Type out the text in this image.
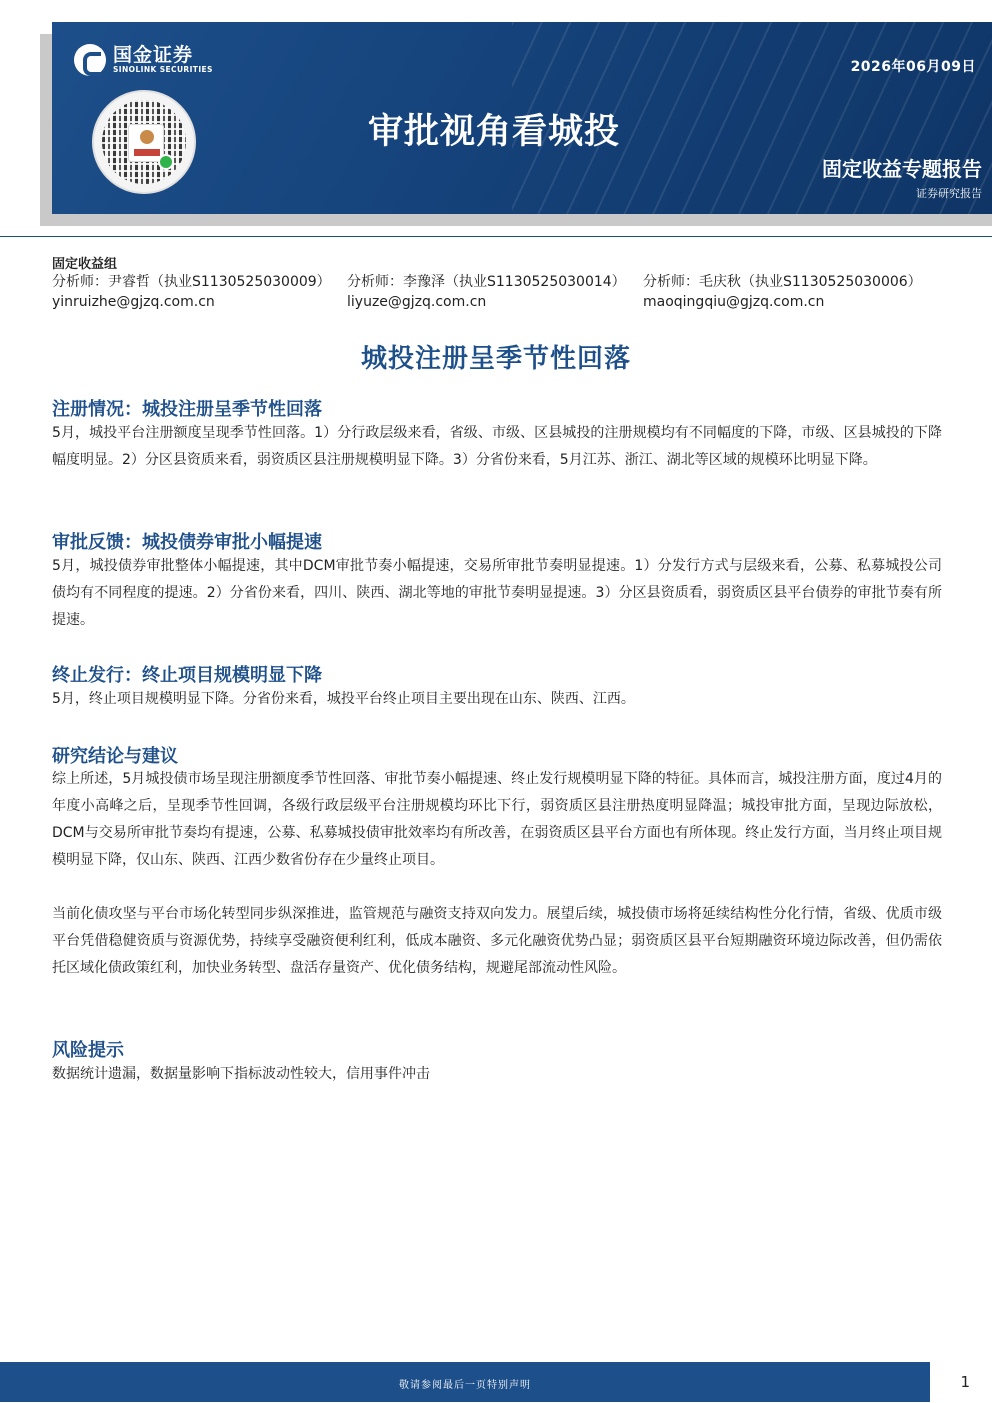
国金证券
SINOLINK SECURITIES	2026年06月09日
审批视角看城投
固定收益专题报告
证券研究报告
固定收益组
分析师：尹睿哲（执业S1130525030009）
yinruizhe@gjzq.com.cn
分析师：李豫泽（执业S1130525030014）
liyuze@gjzq.com.cn
分析师：毛庆秋（执业S1130525030006）
maoqingqiu@gjzq.com.cn
城投注册呈季节性回落
注册情况：城投注册呈季节性回落
5月，城投平台注册额度呈现季节性回落。1）分行政层级来看，省级、市级、区县城投的注册规模均有不同幅度的下降，市级、区县城投的下降幅度明显。2）分区县资质来看，弱资质区县注册规模明显下降。3）分省份来看，5月江苏、浙江、湖北等区域的规模环比明显下降。
审批反馈：城投债券审批小幅提速
5月，城投债券审批整体小幅提速，其中DCM审批节奏小幅提速，交易所审批节奏明显提速。1）分发行方式与层级来看，公募、私募城投公司债均有不同程度的提速。2）分省份来看，四川、陕西、湖北等地的审批节奏明显提速。3）分区县资质看，弱资质区县平台债券的审批节奏有所提速。
终止发行：终止项目规模明显下降
5月，终止项目规模明显下降。分省份来看，城投平台终止项目主要出现在山东、陕西、江西。
研究结论与建议
综上所述，5月城投债市场呈现注册额度季节性回落、审批节奏小幅提速、终止发行规模明显下降的特征。具体而言，城投注册方面，度过4月的年度小高峰之后，呈现季节性回调，各级行政层级平台注册规模均环比下行，弱资质区县注册热度明显降温；城投审批方面，呈现边际放松，DCM与交易所审批节奏均有提速，公募、私募城投债审批效率均有所改善，在弱资质区县平台方面也有所体现。终止发行方面，当月终止项目规模明显下降，仅山东、陕西、江西少数省份存在少量终止项目。
当前化债攻坚与平台市场化转型同步纵深推进，监管规范与融资支持双向发力。展望后续，城投债市场将延续结构性分化行情，省级、优质市级平台凭借稳健资质与资源优势，持续享受融资便利红利，低成本融资、多元化融资优势凸显；弱资质区县平台短期融资环境边际改善，但仍需依托区域化债政策红利，加快业务转型、盘活存量资产、优化债务结构，规避尾部流动性风险。
风险提示
数据统计遗漏，数据量影响下指标波动性较大，信用事件冲击
敬请参阅最后一页特别声明	1
